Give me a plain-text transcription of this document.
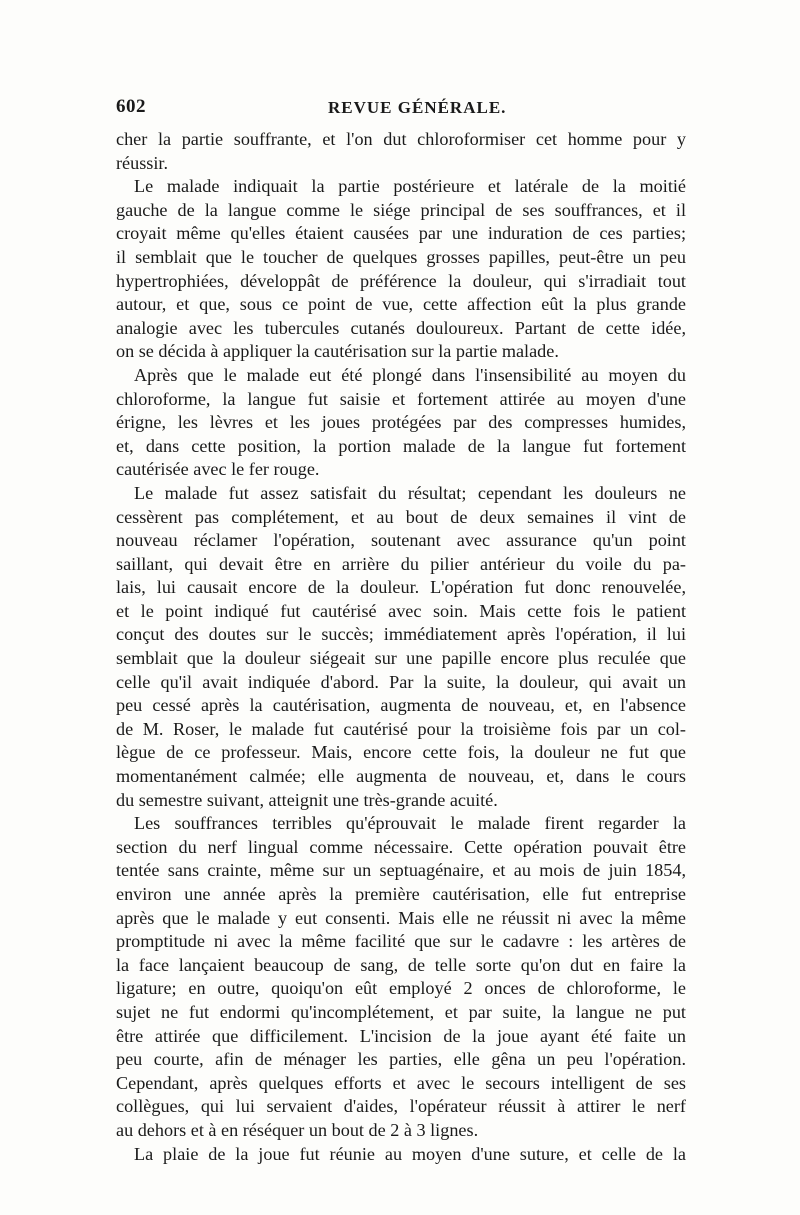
602	REVUE GÉNÉRALE.
cher la partie souffrante, et l'on dut chloroformiser cet homme pour y
réussir.
Le malade indiquait la partie postérieure et latérale de la moitié
gauche de la langue comme le siége principal de ses souffrances, et il
croyait même qu'elles étaient causées par une induration de ces parties;
il semblait que le toucher de quelques grosses papilles, peut-être un peu
hypertrophiées, développât de préférence la douleur, qui s'irradiait tout
autour, et que, sous ce point de vue, cette affection eût la plus grande
analogie avec les tubercules cutanés douloureux. Partant de cette idée,
on se décida à appliquer la cautérisation sur la partie malade.
Après que le malade eut été plongé dans l'insensibilité au moyen du
chloroforme, la langue fut saisie et fortement attirée au moyen d'une
érigne, les lèvres et les joues protégées par des compresses humides,
et, dans cette position, la portion malade de la langue fut fortement
cautérisée avec le fer rouge.
Le malade fut assez satisfait du résultat; cependant les douleurs ne
cessèrent pas complétement, et au bout de deux semaines il vint de
nouveau réclamer l'opération, soutenant avec assurance qu'un point
saillant, qui devait être en arrière du pilier antérieur du voile du pa-
lais, lui causait encore de la douleur. L'opération fut donc renouvelée,
et le point indiqué fut cautérisé avec soin. Mais cette fois le patient
conçut des doutes sur le succès; immédiatement après l'opération, il lui
semblait que la douleur siégeait sur une papille encore plus reculée que
celle qu'il avait indiquée d'abord. Par la suite, la douleur, qui avait un
peu cessé après la cautérisation, augmenta de nouveau, et, en l'absence
de M. Roser, le malade fut cautérisé pour la troisième fois par un col-
lègue de ce professeur. Mais, encore cette fois, la douleur ne fut que
momentanément calmée; elle augmenta de nouveau, et, dans le cours
du semestre suivant, atteignit une très-grande acuité.
Les souffrances terribles qu'éprouvait le malade firent regarder la
section du nerf lingual comme nécessaire. Cette opération pouvait être
tentée sans crainte, même sur un septuagénaire, et au mois de juin 1854,
environ une année après la première cautérisation, elle fut entreprise
après que le malade y eut consenti. Mais elle ne réussit ni avec la même
promptitude ni avec la même facilité que sur le cadavre : les artères de
la face lançaient beaucoup de sang, de telle sorte qu'on dut en faire la
ligature; en outre, quoiqu'on eût employé 2 onces de chloroforme, le
sujet ne fut endormi qu'incomplétement, et par suite, la langue ne put
être attirée que difficilement. L'incision de la joue ayant été faite un
peu courte, afin de ménager les parties, elle gêna un peu l'opération.
Cependant, après quelques efforts et avec le secours intelligent de ses
collègues, qui lui servaient d'aides, l'opérateur réussit à attirer le nerf
au dehors et à en réséquer un bout de 2 à 3 lignes.
La plaie de la joue fut réunie au moyen d'une suture, et celle de la
